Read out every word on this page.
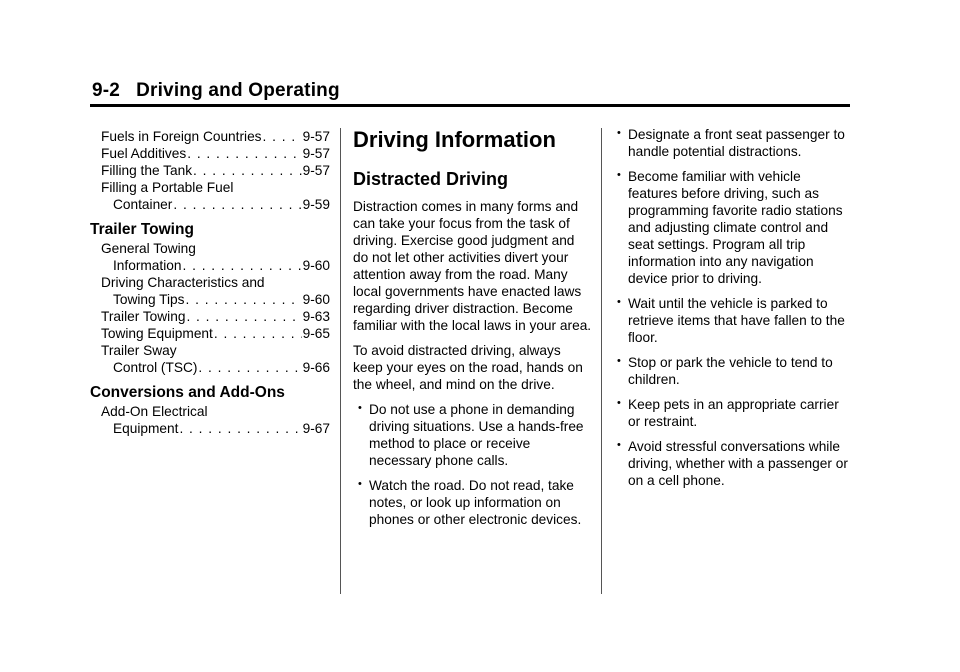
9-2 Driving and Operating
Fuels in Foreign Countries . . .	9-57
Fuel Additives . . .	9-57
Filling the Tank . . .	9-57
Filling a Portable Fuel
Container . . .	9-59
Trailer Towing
General Towing
Information . . .	9-60
Driving Characteristics and
Towing Tips . . .	9-60
Trailer Towing . . .	9-63
Towing Equipment . . .	9-65
Trailer Sway
Control (TSC) . . .	9-66
Conversions and Add-Ons
Add-On Electrical
Equipment . . .	9-67
Driving Information
Distracted Driving
Distraction comes in many forms and can take your focus from the task of driving. Exercise good judgment and do not let other activities divert your attention away from the road. Many local governments have enacted laws regarding driver distraction. Become familiar with the local laws in your area.
To avoid distracted driving, always keep your eyes on the road, hands on the wheel, and mind on the drive.
• Do not use a phone in demanding driving situations. Use a hands-free method to place or receive necessary phone calls.
• Watch the road. Do not read, take notes, or look up information on phones or other electronic devices.
• Designate a front seat passenger to handle potential distractions.
• Become familiar with vehicle features before driving, such as programming favorite radio stations and adjusting climate control and seat settings. Program all trip information into any navigation device prior to driving.
• Wait until the vehicle is parked to retrieve items that have fallen to the floor.
• Stop or park the vehicle to tend to children.
• Keep pets in an appropriate carrier or restraint.
• Avoid stressful conversations while driving, whether with a passenger or on a cell phone.
